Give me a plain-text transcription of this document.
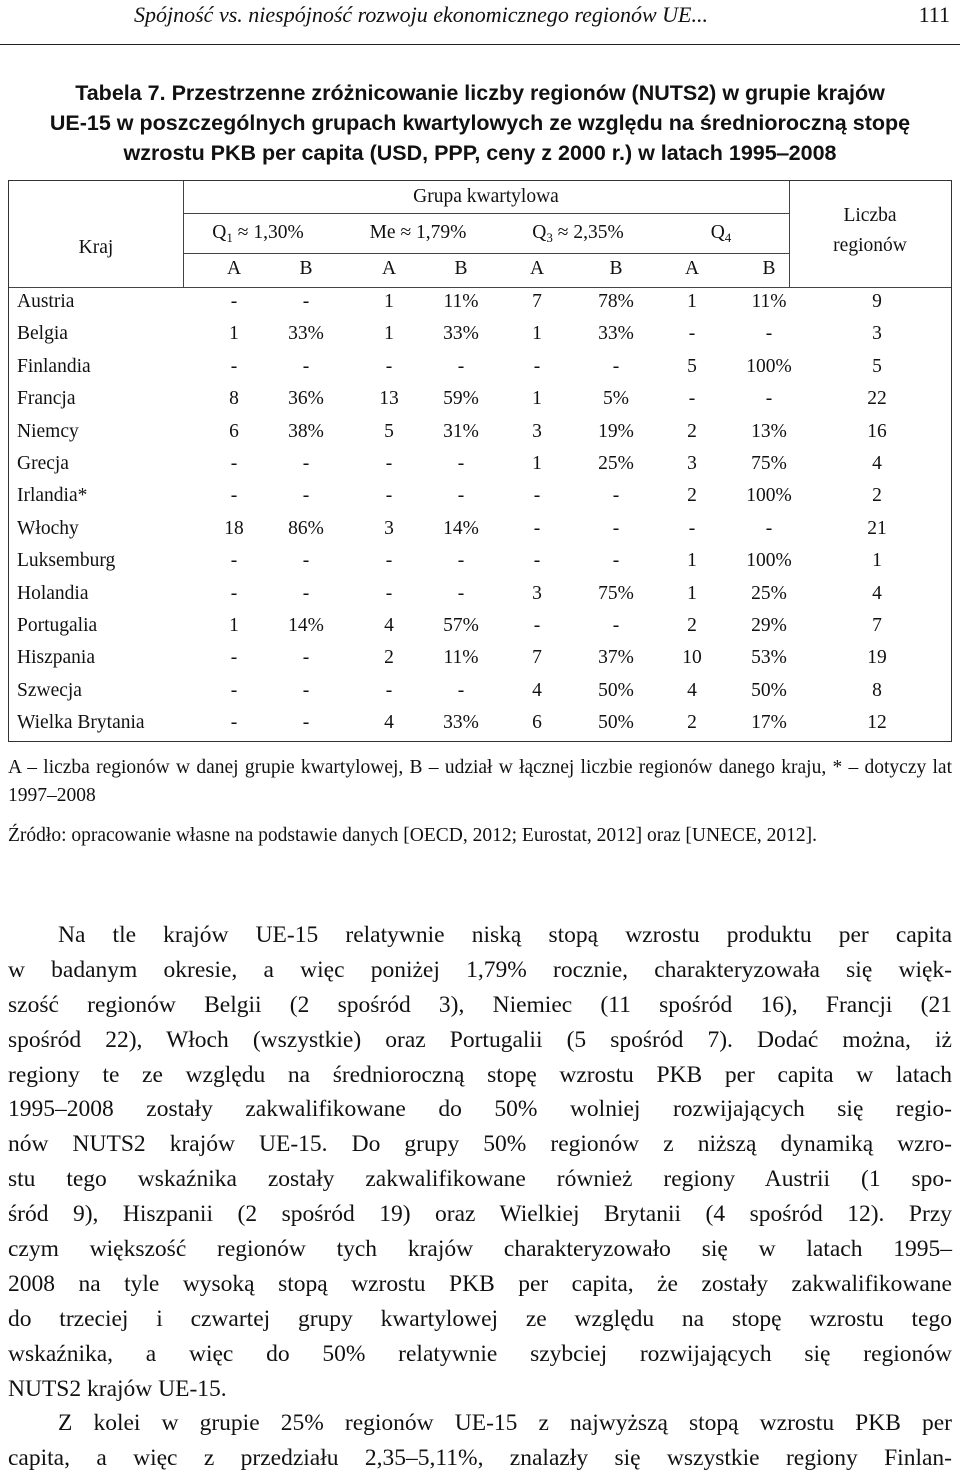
Spójność vs. niespójność rozwoju ekonomicznego regionów UE...	111
Tabela 7. Przestrzenne zróżnicowanie liczby regionów (NUTS2) w grupie krajów
UE-15 w poszczególnych grupach kwartylowych ze względu na średnioroczną stopę
wzrostu PKB per capita (USD, PPP, ceny z 2000 r.) w latach 1995‒2008
Kraj
Grupa kwartylowa
Liczba
regionów
$Q_1 \approx 1,30\%$	Me ≈ 1,79%	$Q_3 \approx 2,35\%$	$Q_4$
A	B	A	B	A	B	A	B
Austria	-	-	1	11%	7	78%	1	11%	9
Belgia	1	33%	1	33%	1	33%	-	-	3
Finlandia	-	-	-	-	-	-	5	100%	5
Francja	8	36%	13	59%	1	5%	-	-	22
Niemcy	6	38%	5	31%	3	19%	2	13%	16
Grecja	-	-	-	-	1	25%	3	75%	4
Irlandia*	-	-	-	-	-	-	2	100%	2
Włochy	18	86%	3	14%	-	-	-	-	21
Luksemburg	-	-	-	-	-	-	1	100%	1
Holandia	-	-	-	-	3	75%	1	25%	4
Portugalia	1	14%	4	57%	-	-	2	29%	7
Hiszpania	-	-	2	11%	7	37%	10	53%	19
Szwecja	-	-	-	-	4	50%	4	50%	8
Wielka Brytania	-	-	4	33%	6	50%	2	17%	12
A ‒ liczba regionów w danej grupie kwartylowej, B ‒ udział w łącznej liczbie regionów danego kraju, * ‒ dotyczy lat 1997‒2008
Źródło: opracowanie własne na podstawie danych [OECD, 2012; Eurostat, 2012] oraz [UNECE, 2012].
Na tle krajów UE-15 relatywnie niską stopą wzrostu produktu per capita
w badanym okresie, a więc poniżej 1,79% rocznie, charakteryzowała się więk-
szość regionów Belgii (2 spośród 3), Niemiec (11 spośród 16), Francji (21
spośród 22), Włoch (wszystkie) oraz Portugalii (5 spośród 7). Dodać można, iż
regiony te ze względu na średnioroczną stopę wzrostu PKB per capita w latach
1995‒2008 zostały zakwalifikowane do 50% wolniej rozwijających się regio-
nów NUTS2 krajów UE-15. Do grupy 50% regionów z niższą dynamiką wzro-
stu tego wskaźnika zostały zakwalifikowane również regiony Austrii (1 spo-
śród 9), Hiszpanii (2 spośród 19) oraz Wielkiej Brytanii (4 spośród 12). Przy
czym większość regionów tych krajów charakteryzowało się w latach 1995‒
2008 na tyle wysoką stopą wzrostu PKB per capita, że zostały zakwalifikowane
do trzeciej i czwartej grupy kwartylowej ze względu na stopę wzrostu tego
wskaźnika, a więc do 50% relatywnie szybciej rozwijających się regionów
NUTS2 krajów UE-15.
Z kolei w grupie 25% regionów UE-15 z najwyższą stopą wzrostu PKB per
capita, a więc z przedziału 2,35‒5,11%, znalazły się wszystkie regiony Finlan-
